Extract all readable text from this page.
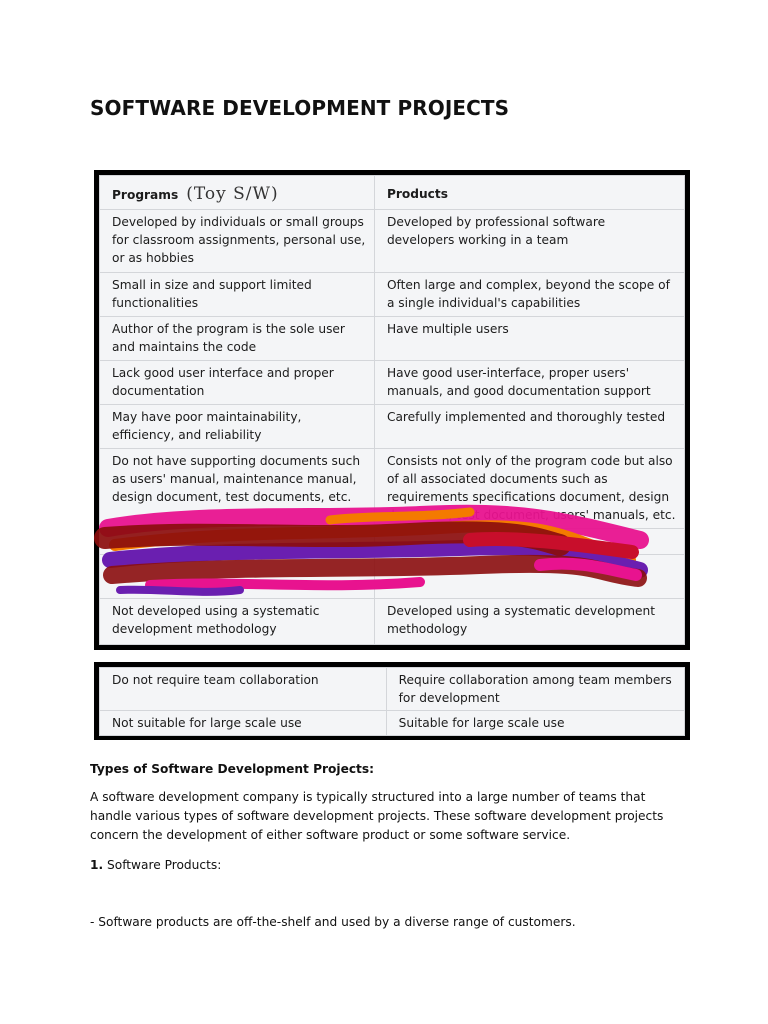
SOFTWARE DEVELOPMENT PROJECTS
Programs (Toy S/W)	Products
Developed by individuals or small groups for classroom assignments, personal use, or as hobbies	Developed by professional software developers working in a team
Small in size and support limited functionalities	Often large and complex, beyond the scope of a single individual's capabilities
Author of the program is the sole user and maintains the code	Have multiple users
Lack good user interface and proper documentation	Have good user-interface, proper users' manuals, and good documentation support
May have poor maintainability, efficiency, and reliability	Carefully implemented and thoroughly tested
Do not have supporting documents such as users' manual, maintenance manual, design document, test documents, etc.	Consists not only of the program code but also of all associated documents such as requirements specifications document, design document, test document, users' manuals, etc.

Not developed using a systematic development methodology	Developed using a systematic development methodology
Do not require team collaboration	Require collaboration among team members for development
Not suitable for large scale use	Suitable for large scale use

Types of Software Development Projects:

A software development company is typically structured into a large number of teams that handle various types of software development projects. These software development projects concern the development of either software product or some software service.

1. Software Products:

- Software products are off-the-shelf and used by a diverse range of customers.
